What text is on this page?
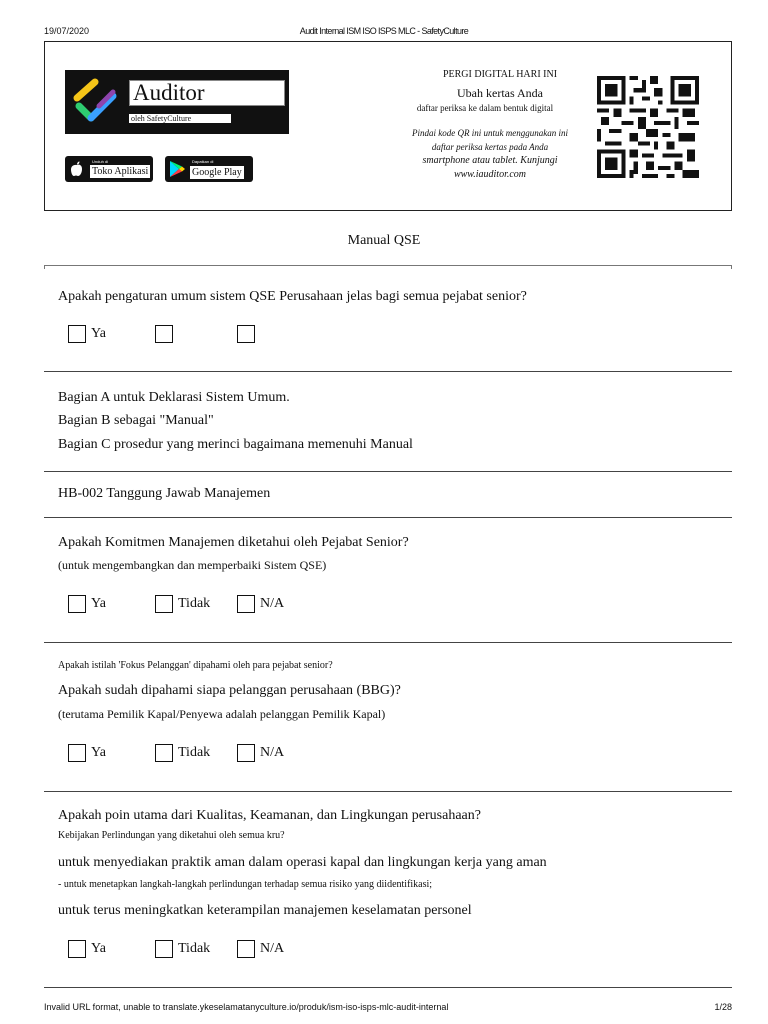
19/07/2020	Audit Internal ISM ISO ISPS MLC - SafetyCulture
Auditor
oleh SafetyCulture
Unduh di
Toko Aplikasi
Dapatkan di
Google Play
PERGI DIGITAL HARI INI
Ubah kertas Anda
daftar periksa ke dalam bentuk digital
Pindai kode QR ini untuk menggunakan ini
daftar periksa kertas pada Anda
smartphone atau tablet. Kunjungi
www.iauditor.com
Manual QSE
Apakah pengaturan umum sistem QSE Perusahaan jelas bagi semua pejabat senior?
Ya
Bagian A untuk Deklarasi Sistem Umum.
Bagian B sebagai "Manual"
Bagian C prosedur yang merinci bagaimana memenuhi Manual
HB-002 Tanggung Jawab Manajemen
Apakah Komitmen Manajemen diketahui oleh Pejabat Senior?
(untuk mengembangkan dan memperbaiki Sistem QSE)
Ya	Tidak	N/A
Apakah istilah 'Fokus Pelanggan' dipahami oleh para pejabat senior?
Apakah sudah dipahami siapa pelanggan perusahaan (BBG)?
(terutama Pemilik Kapal/Penyewa adalah pelanggan Pemilik Kapal)
Ya	Tidak	N/A
Apakah poin utama dari Kualitas, Keamanan, dan Lingkungan perusahaan?
Kebijakan Perlindungan yang diketahui oleh semua kru?
untuk menyediakan praktik aman dalam operasi kapal dan lingkungan kerja yang aman
- untuk menetapkan langkah-langkah perlindungan terhadap semua risiko yang diidentifikasi;
untuk terus meningkatkan keterampilan manajemen keselamatan personel
Ya	Tidak	N/A
Invalid URL format, unable to translate.ykeselamatanyculture.io/produk/ism-iso-isps-mlc-audit-internal	1/28
